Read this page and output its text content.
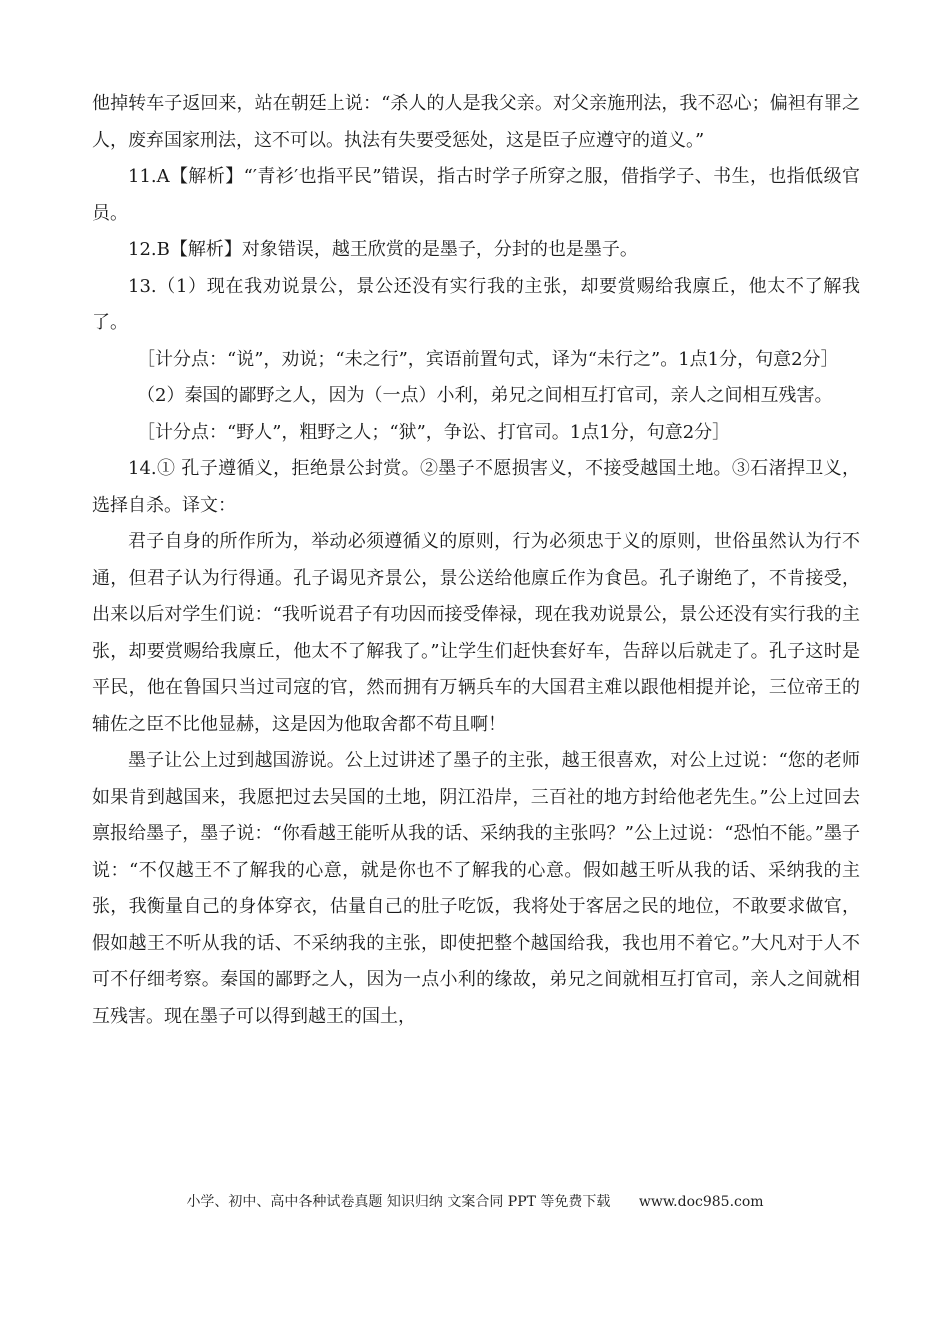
他掉转车子返回来，站在朝廷上说：“杀人的人是我父亲。对父亲施刑法，我不忍心；偏袒有罪之人，废弃国家刑法，这不可以。执法有失要受惩处，这是臣子应遵守的道义。”

11.A【解析】“′青衫′也指平民”错误，指古时学子所穿之服，借指学子、书生，也指低级官员。

12.B【解析】对象错误，越王欣赏的是墨子，分封的也是墨子。

13.（1）现在我劝说景公，景公还没有实行我的主张，却要赏赐给我廪丘，他太不了解我了。

［计分点：“说”，劝说；“未之行”，宾语前置句式，译为“未行之”。1点1分，句意2分］

（2）秦国的鄙野之人，因为（一点）小利，弟兄之间相互打官司，亲人之间相互残害。

［计分点：“野人”，粗野之人；“狱”，争讼、打官司。1点1分，句意2分］

14.① 孔子遵循义，拒绝景公封赏。②墨子不愿损害义，不接受越国土地。③石渚捍卫义，选择自杀。译文：

君子自身的所作所为，举动必须遵循义的原则，行为必须忠于义的原则，世俗虽然认为行不通，但君子认为行得通。孔子谒见齐景公，景公送给他廪丘作为食邑。孔子谢绝了，不肯接受，出来以后对学生们说：“我听说君子有功因而接受俸禄，现在我劝说景公，景公还没有实行我的主张，却要赏赐给我廪丘，他太不了解我了。”让学生们赶快套好车，告辞以后就走了。孔子这时是平民，他在鲁国只当过司寇的官，然而拥有万辆兵车的大国君主难以跟他相提并论，三位帝王的辅佐之臣不比他显赫，这是因为他取舍都不苟且啊！

墨子让公上过到越国游说。公上过讲述了墨子的主张，越王很喜欢，对公上过说：“您的老师如果肯到越国来，我愿把过去吴国的土地，阴江沿岸，三百社的地方封给他老先生。”公上过回去禀报给墨子，墨子说：“你看越王能听从我的话、采纳我的主张吗？”公上过说：“恐怕不能。”墨子说：“不仅越王不了解我的心意，就是你也不了解我的心意。假如越王听从我的话、采纳我的主张，我衡量自己的身体穿衣，估量自己的肚子吃饭，我将处于客居之民的地位，不敢要求做官，假如越王不听从我的话、不采纳我的主张，即使把整个越国给我，我也用不着它。”大凡对于人不可不仔细考察。秦国的鄙野之人，因为一点小利的缘故，弟兄之间就相互打官司，亲人之间就相互残害。现在墨子可以得到越王的国土，

小学、初中、高中各种试卷真题 知识归纳 文案合同 PPT 等免费下载 www.doc985.com
